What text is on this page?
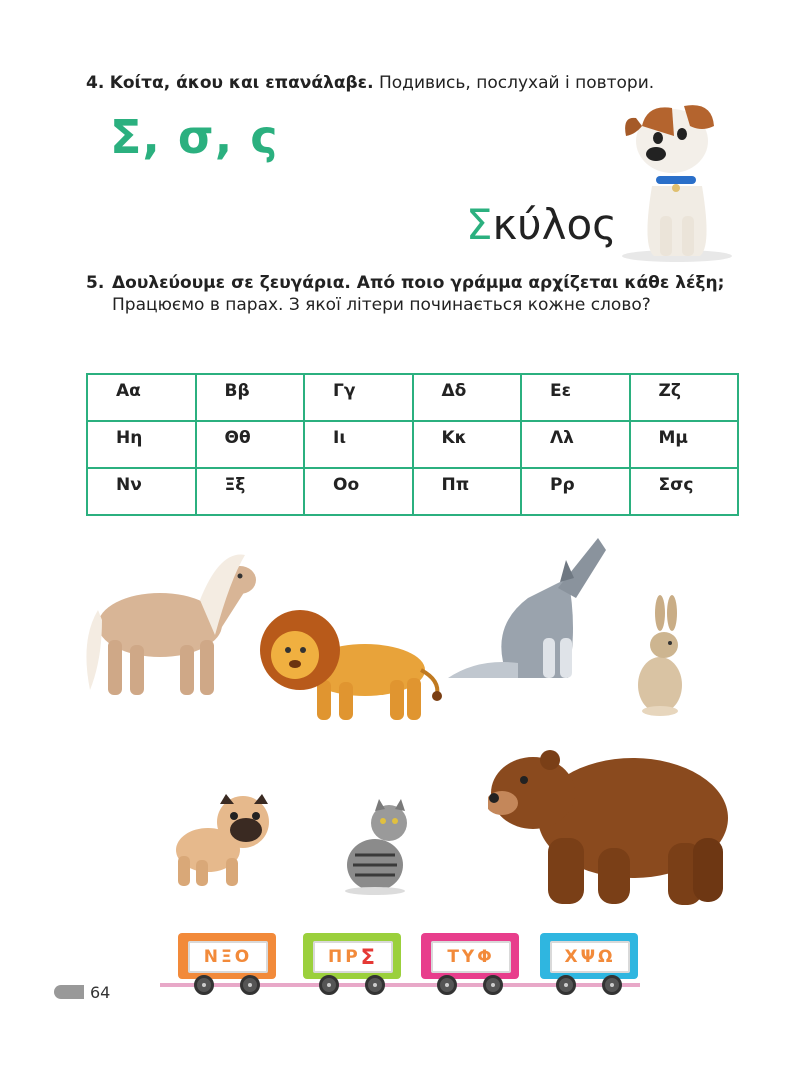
4. Κοίτα, άκου και επανάλαβε. Подивись, послухай і повтори.
Σ, σ, ς
Σκύλος
5. Δουλεύουμε σε ζευγάρια. Από ποιο γράμμα αρχίζεται κάθε λέξη; Працюємо в парах. З якої літери починається кожне слово?
Αα	Ββ	Γγ	Δδ	Εε	Ζζ
Ηη	Θθ	Ιι	Κκ	Λλ	Μμ
Νν	Ξξ	Οο	Ππ	Ρρ	Σσς
ΝΞΟ	ΠΡ Σ	ΤΥΦ	ΧΨΩ
64
